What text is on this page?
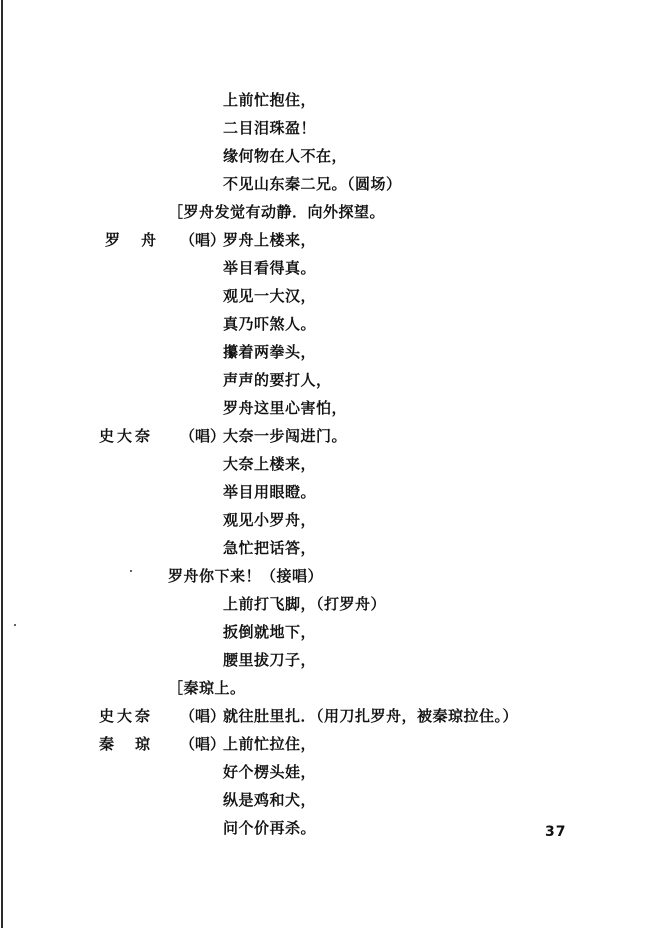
上前忙抱住，
二目泪珠盈！
缘何物在人不在，
不见山东秦二兄。（圆场）
［罗舟发觉有动静．向外探望。
罗　舟 （唱）
罗舟上楼来，
举目看得真。
观见一大汉，
真乃吓煞人。
攥着两拳头，
声声的要打人，
罗舟这里心害怕，
史大奈 （唱）
大奈一步闯进门。
大奈上楼来，
举目用眼瞪。
观见小罗舟，
急忙把话答，
罗舟你下来！（接唱）
上前打飞脚，（打罗舟）
扳倒就地下，
腰里拔刀子，
［秦琼上。
史大奈 （唱）
就往肚里扎．（用刀扎罗舟，被秦琼拉住。）
秦　琼 （唱）
上前忙拉住，
好个楞头娃，
纵是鸡和犬，
问个价再杀。	37
